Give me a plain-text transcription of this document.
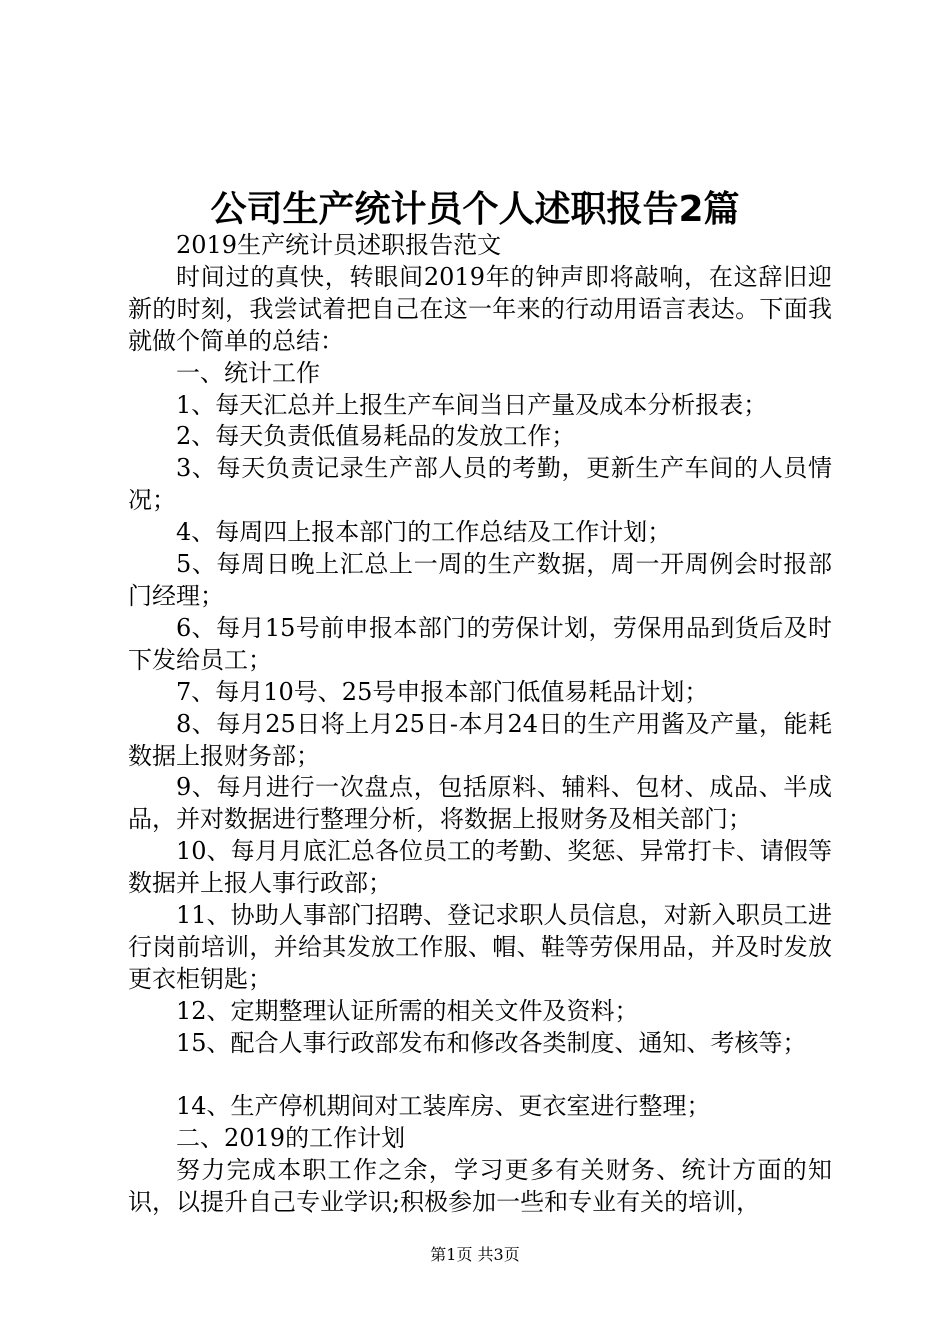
公司生产统计员个人述职报告2篇

2019生产统计员述职报告范文

时间过的真快，转眼间2019年的钟声即将敲响，在这辞旧迎新的时刻，我尝试着把自己在这一年来的行动用语言表达。下面我就做个简单的总结：

一、统计工作

1、每天汇总并上报生产车间当日产量及成本分析报表；

2、每天负责低值易耗品的发放工作；

3、每天负责记录生产部人员的考勤，更新生产车间的人员情况；

4、每周四上报本部门的工作总结及工作计划；

5、每周日晚上汇总上一周的生产数据，周一开周例会时报部门经理；

6、每月15号前申报本部门的劳保计划，劳保用品到货后及时下发给员工；

7、每月10号、25号申报本部门低值易耗品计划；

8、每月25日将上月25日-本月24日的生产用酱及产量，能耗数据上报财务部；

9、每月进行一次盘点，包括原料、辅料、包材、成品、半成品，并对数据进行整理分析，将数据上报财务及相关部门；

10、每月月底汇总各位员工的考勤、奖惩、异常打卡、请假等数据并上报人事行政部；

11、协助人事部门招聘、登记求职人员信息，对新入职员工进行岗前培训，并给其发放工作服、帽、鞋等劳保用品，并及时发放更衣柜钥匙；

12、定期整理认证所需的相关文件及资料；

15、配合人事行政部发布和修改各类制度、通知、考核等；

14、生产停机期间对工装库房、更衣室进行整理；

二、2019的工作计划

努力完成本职工作之余，学习更多有关财务、统计方面的知识，以提升自己专业学识;积极参加一些和专业有关的培训，

第1页 共3页
